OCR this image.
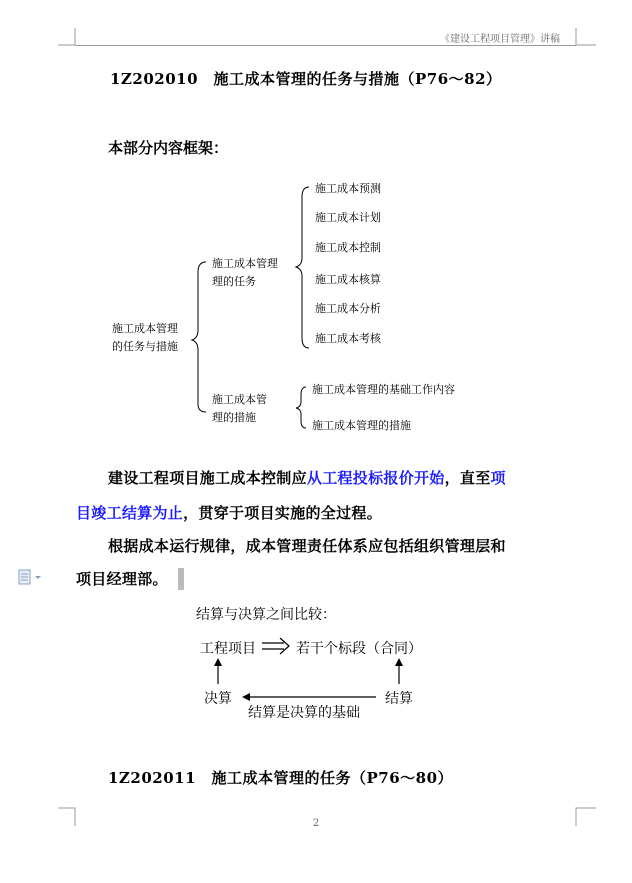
《建设工程项目管理》讲稿
1Z202010　施工成本管理的任务与措施（P76～82）
本部分内容框架：
施工成本管理
的任务与措施
施工成本管理
理的任务
施工成本管
理的措施
施工成本预测
施工成本计划
施工成本控制
施工成本核算
施工成本分析
施工成本考核
施工成本管理的基础工作内容
施工成本管理的措施
建设工程项目施工成本控制应从工程投标报价开始，直至项
目竣工结算为止，贯穿于项目实施的全过程。
根据成本运行规律，成本管理责任体系应包括组织管理层和
项目经理部。
结算与决算之间比较：
工程项目	若干个标段（合同）
决算	结算
结算是决算的基础
1Z202011　施工成本管理的任务（P76～80）
2
